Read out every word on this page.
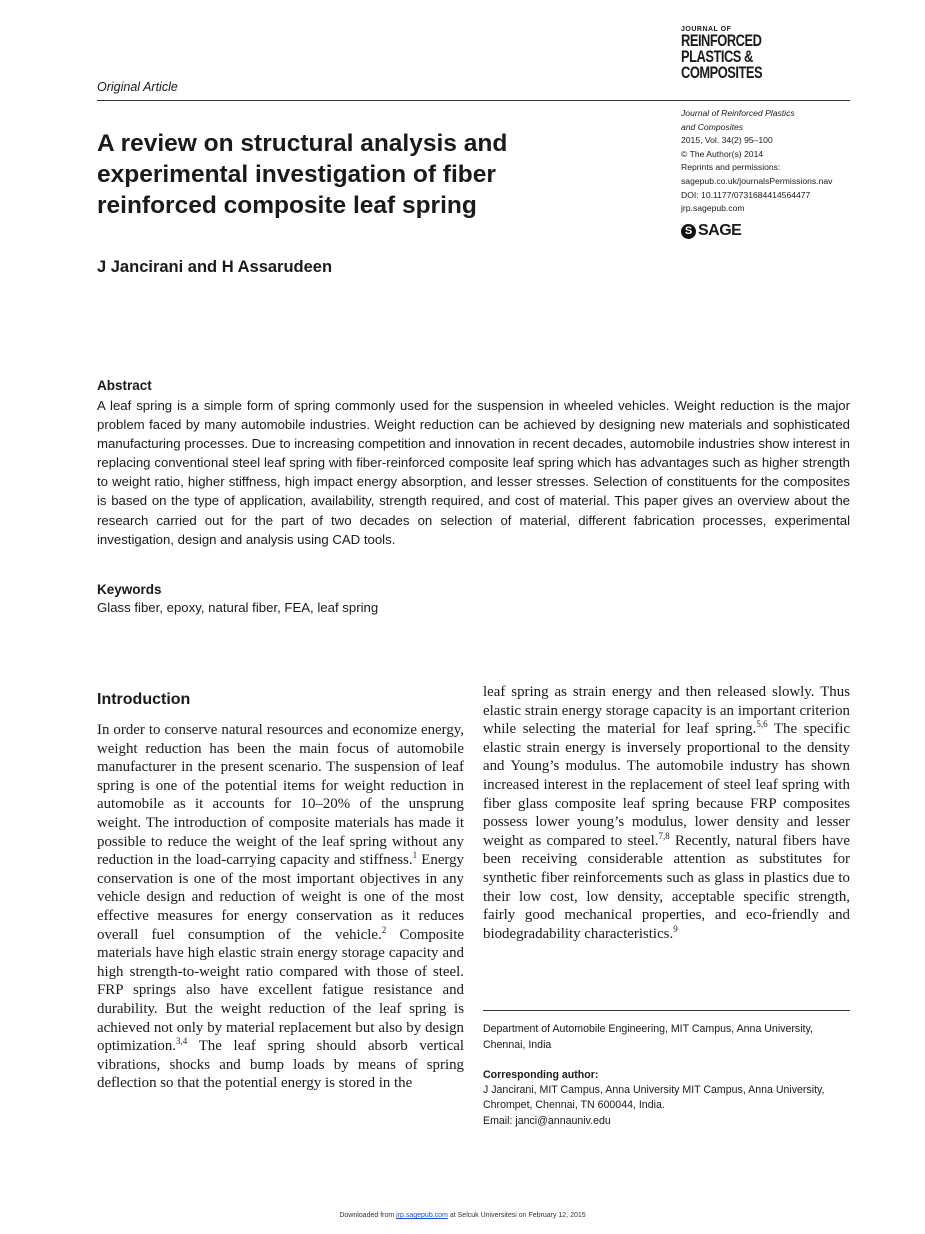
Original Article
JOURNAL OF
REINFORCED
PLASTICS &
COMPOSITES
Journal of Reinforced Plastics
and Composites
2015, Vol. 34(2) 95–100
© The Author(s) 2014
Reprints and permissions:
sagepub.co.uk/journalsPermissions.nav
DOI: 10.1177/0731684414564477
jrp.sagepub.com
S SAGE
A review on structural analysis and experimental investigation of fiber reinforced composite leaf spring
J Jancirani and H Assarudeen
Abstract
A leaf spring is a simple form of spring commonly used for the suspension in wheeled vehicles. Weight reduction is the major problem faced by many automobile industries. Weight reduction can be achieved by designing new materials and sophisticated manufacturing processes. Due to increasing competition and innovation in recent decades, automobile industries show interest in replacing conventional steel leaf spring with fiber-reinforced composite leaf spring which has advantages such as higher strength to weight ratio, higher stiffness, high impact energy absorption, and lesser stresses. Selection of constituents for the composites is based on the type of application, availability, strength required, and cost of material. This paper gives an overview about the research carried out for the part of two decades on selection of material, different fabrication processes, experimental investigation, design and analysis using CAD tools.
Keywords
Glass fiber, epoxy, natural fiber, FEA, leaf spring
Introduction
In order to conserve natural resources and economize energy, weight reduction has been the main focus of automobile manufacturer in the present scenario. The suspension of leaf spring is one of the potential items for weight reduction in automobile as it accounts for 10–20% of the unsprung weight. The introduction of composite materials has made it possible to reduce the weight of the leaf spring without any reduction in the load-carrying capacity and stiffness.$^1$ Energy conservation is one of the most important objectives in any vehicle design and reduction of weight is one of the most effective measures for energy conservation as it reduces overall fuel consumption of the vehicle.$^2$ Composite materials have high elastic strain energy storage capacity and high strength-to-weight ratio compared with those of steel. FRP springs also have excellent fatigue resistance and durability. But the weight reduction of the leaf spring is achieved not only by material replacement but also by design optimization.$^{3,4}$ The leaf spring should absorb vertical vibrations, shocks and bump loads by means of spring deflection so that the potential energy is stored in the
leaf spring as strain energy and then released slowly. Thus elastic strain energy storage capacity is an important criterion while selecting the material for leaf spring.$^{5,6}$ The specific elastic strain energy is inversely proportional to the density and Young’s modulus. The automobile industry has shown increased interest in the replacement of steel leaf spring with fiber glass composite leaf spring because FRP composites possess lower young’s modulus, lower density and lesser weight as compared to steel.$^{7,8}$ Recently, natural fibers have been receiving considerable attention as substitutes for synthetic fiber reinforcements such as glass in plastics due to their low cost, low density, acceptable specific strength, fairly good mechanical properties, and eco-friendly and biodegradability characteristics.$^9$
Department of Automobile Engineering, MIT Campus, Anna University, Chennai, India
Corresponding author:
J Jancirani, MIT Campus, Anna University MIT Campus, Anna University, Chrompet, Chennai, TN 600044, India.
Email: janci@annauniv.edu
Downloaded from jrp.sagepub.com at Selcuk Universitesi on February 12, 2015
